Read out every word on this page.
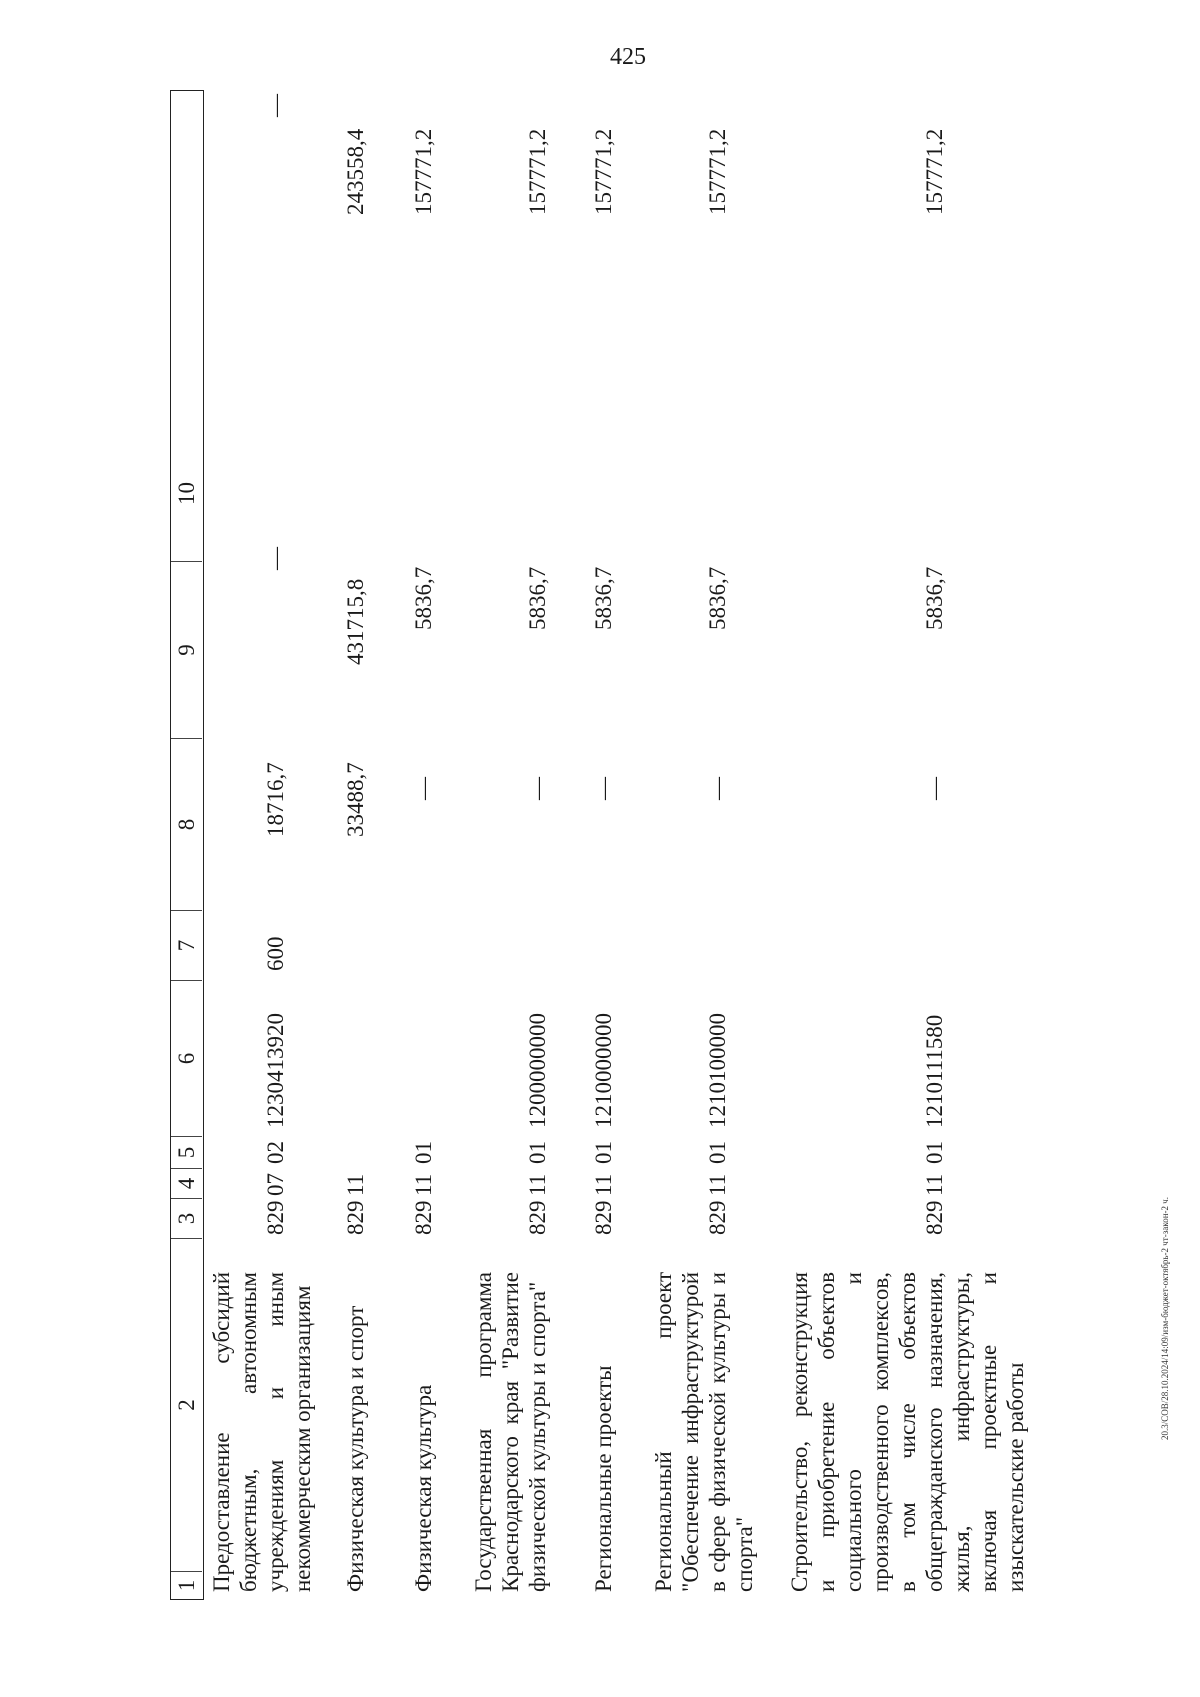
425
1
2
3
4
5
6
7
8
9
10
Предоставление субсидий бюджетным, автономным учреждениям и иным некоммерческим организациям
829
07
02
1230413920
600
18716,7
—
—
Физическая культура и спорт
829
11
33488,7
431715,8
243558,4
Физическая культура
829
11
01
—
5836,7
157771,2
Государственная программа Краснодарского края "Развитие физической культуры и спорта"
829
11
01
1200000000
—
5836,7
157771,2
Региональные проекты
829
11
01
1210000000
—
5836,7
157771,2
Региональный проект "Обеспечение инфраструктурой в сфере физической культуры и спорта"
829
11
01
1210100000
—
5836,7
157771,2
Строительство, реконструкция и приобретение объектов социального и производственного комплексов, в том числе объектов общегражданского назначения, жилья, инфраструктуры, включая проектные и изыскательские работы
829
11
01
1210111580
—
5836,7
157771,2
20.3/СОВ/28.10.2024/14:09/изм-бюджет-октябрь-2 чт-закон-2 ч.
